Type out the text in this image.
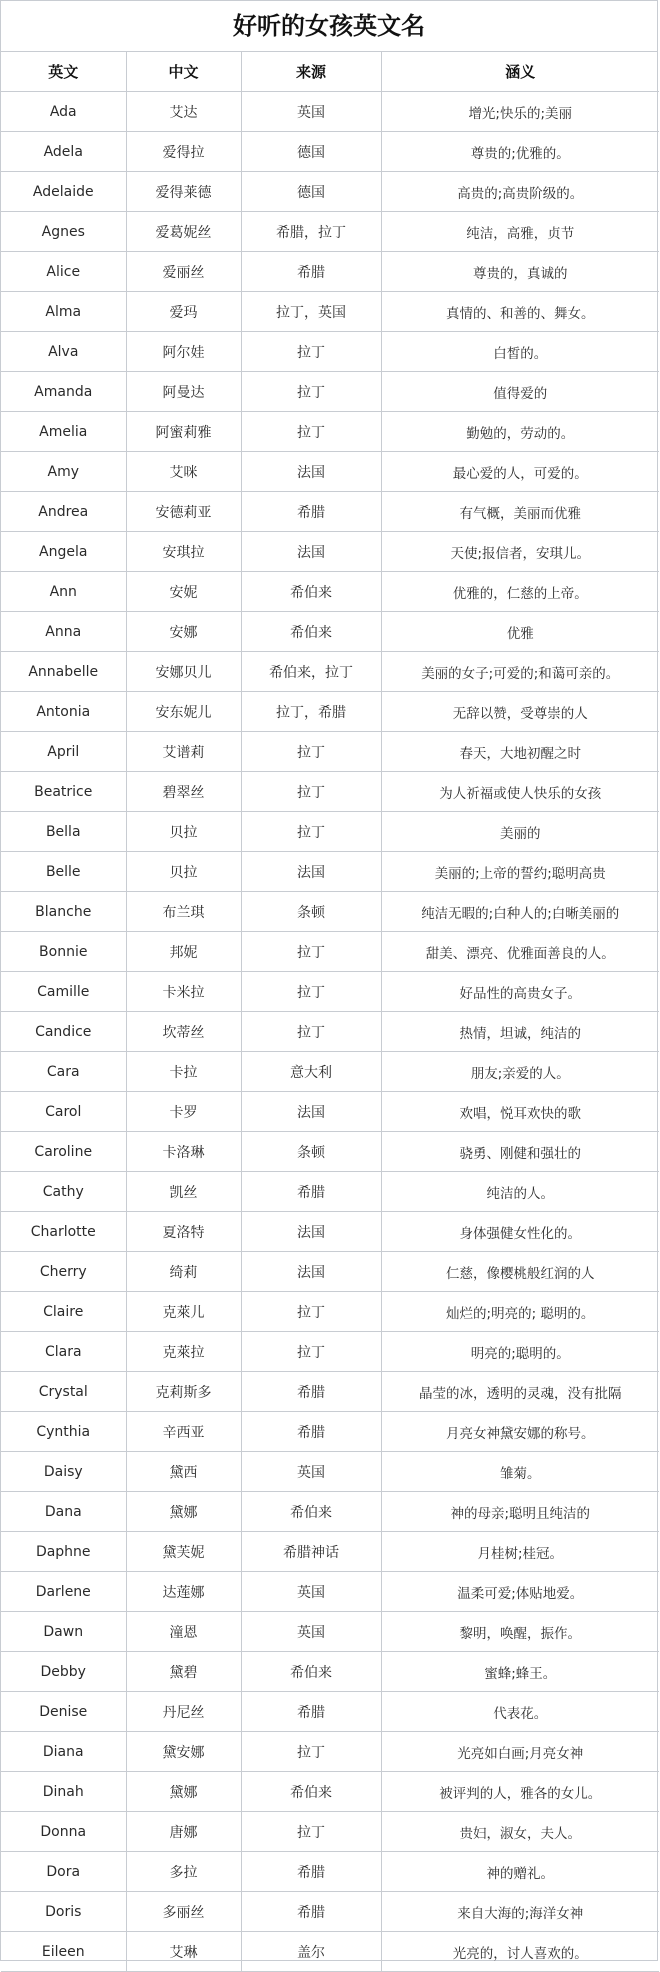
好听的女孩英文名
英文	中文	来源	涵义
Ada	艾达	英国	增光;快乐的;美丽
Adela	爱得拉	德国	尊贵的;优雅的。
Adelaide	爱得莱德	德国	高贵的;高贵阶级的。
Agnes	爱葛妮丝	希腊，拉丁	纯洁，高雅，贞节
Alice	爱丽丝	希腊	尊贵的，真诚的
Alma	爱玛	拉丁，英国	真情的、和善的、舞女。
Alva	阿尔娃	拉丁	白皙的。
Amanda	阿曼达	拉丁	值得爱的
Amelia	阿蜜莉雅	拉丁	勤勉的，劳动的。
Amy	艾咪	法国	最心爱的人，可爱的。
Andrea	安德莉亚	希腊	有气概，美丽而优雅
Angela	安琪拉	法国	天使;报信者，安琪儿。
Ann	安妮	希伯来	优雅的，仁慈的上帝。
Anna	安娜	希伯来	优雅
Annabelle	安娜贝儿	希伯来，拉丁	美丽的女子;可爱的;和蔼可亲的。
Antonia	安东妮儿	拉丁，希腊	无辞以赞，受尊崇的人
April	艾谱莉	拉丁	春天，大地初醒之时
Beatrice	碧翠丝	拉丁	为人祈福或使人快乐的女孩
Bella	贝拉	拉丁	美丽的
Belle	贝拉	法国	美丽的;上帝的誓约;聪明高贵
Blanche	布兰琪	条顿	纯洁无暇的;白种人的;白晰美丽的
Bonnie	邦妮	拉丁	甜美、漂亮、优雅面善良的人。
Camille	卡米拉	拉丁	好品性的高贵女子。
Candice	坎蒂丝	拉丁	热情，坦诚，纯洁的
Cara	卡拉	意大利	朋友;亲爱的人。
Carol	卡罗	法国	欢唱，悦耳欢快的歌
Caroline	卡洛琳	条顿	骁勇、刚健和强壮的
Cathy	凯丝	希腊	纯洁的人。
Charlotte	夏洛特	法国	身体强健女性化的。
Cherry	绮莉	法国	仁慈，像樱桃般红润的人
Claire	克萊儿	拉丁	灿烂的;明亮的; 聪明的。
Clara	克萊拉	拉丁	明亮的;聪明的。
Crystal	克莉斯多	希腊	晶莹的冰，透明的灵魂，没有批隔
Cynthia	辛西亚	希腊	月亮女神黛安娜的称号。
Daisy	黛西	英国	雏菊。
Dana	黛娜	希伯来	神的母亲;聪明且纯洁的
Daphne	黛芙妮	希腊神话	月桂树;桂冠。
Darlene	达莲娜	英国	温柔可爱;体贴地爱。
Dawn	潼恩	英国	黎明，唤醒，振作。
Debby	黛碧	希伯来	蜜蜂;蜂王。
Denise	丹尼丝	希腊	代表花。
Diana	黛安娜	拉丁	光亮如白画;月亮女神
Dinah	黛娜	希伯来	被评判的人，雅各的女儿。
Donna	唐娜	拉丁	贵妇，淑女，夫人。
Dora	多拉	希腊	神的赠礼。
Doris	多丽丝	希腊	来自大海的;海洋女神
Eileen	艾琳	盖尔	光亮的，讨人喜欢的。
